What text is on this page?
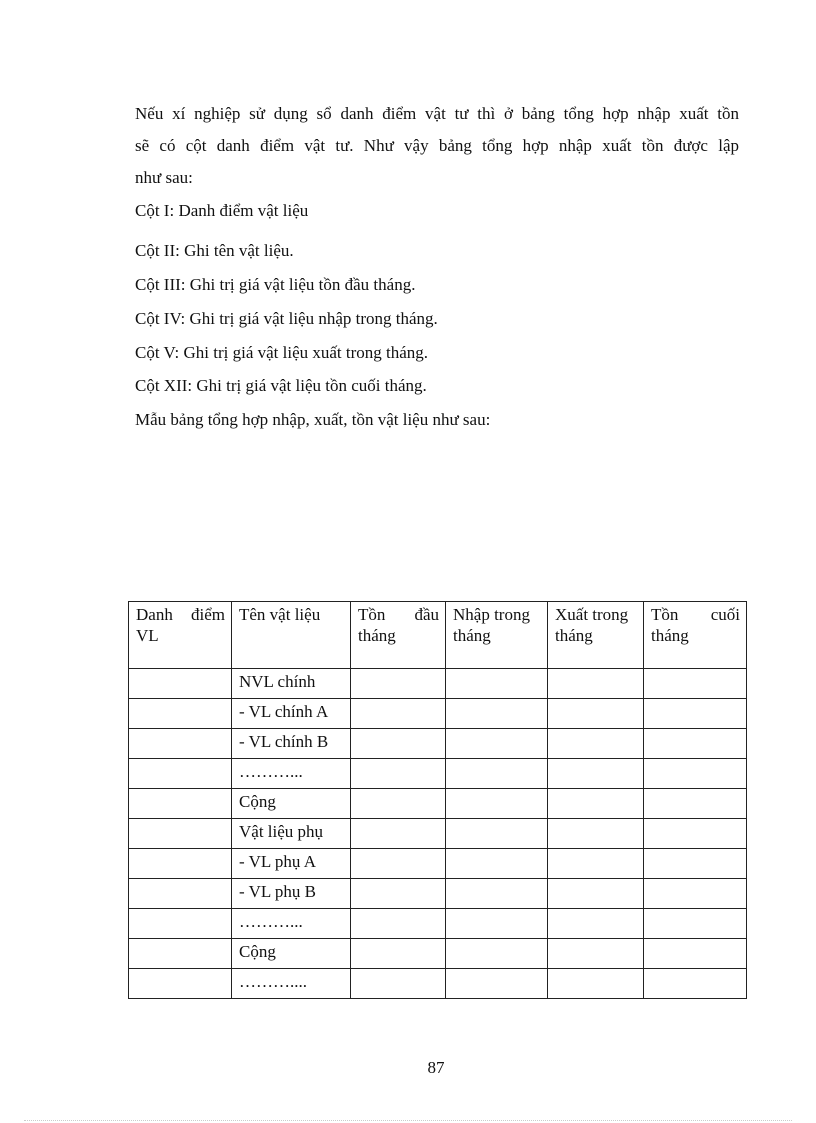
Nếu xí nghiệp sử dụng sổ danh điểm vật tư thì ở bảng tổng hợp nhập xuất tồn
sẽ có cột danh điểm vật tư. Như vậy bảng tổng hợp nhập xuất tồn được lập
như sau:

Cột I: Danh điểm vật liệu

Cột II: Ghi tên vật liệu.

Cột III: Ghi trị giá vật liệu tồn đầu tháng.

Cột IV: Ghi trị giá vật liệu nhập trong tháng.

Cột V: Ghi trị giá vật liệu xuất trong tháng.

Cột XII: Ghi trị giá vật liệu tồn cuối tháng.

Mẫu bảng tổng hợp nhập, xuất, tồn vật liệu như sau:

Danh điểm VL	Tên vật liệu	Tồn đầu tháng	Nhập trong tháng	Xuất trong tháng	Tồn cuối tháng

	NVL chính				
	- VL chính A				
	- VL chính B				
	………...				
	Cộng				
	Vật liệu phụ				
	- VL phụ A				
	- VL phụ B				
	………...				
	Cộng				
	………....				
87
